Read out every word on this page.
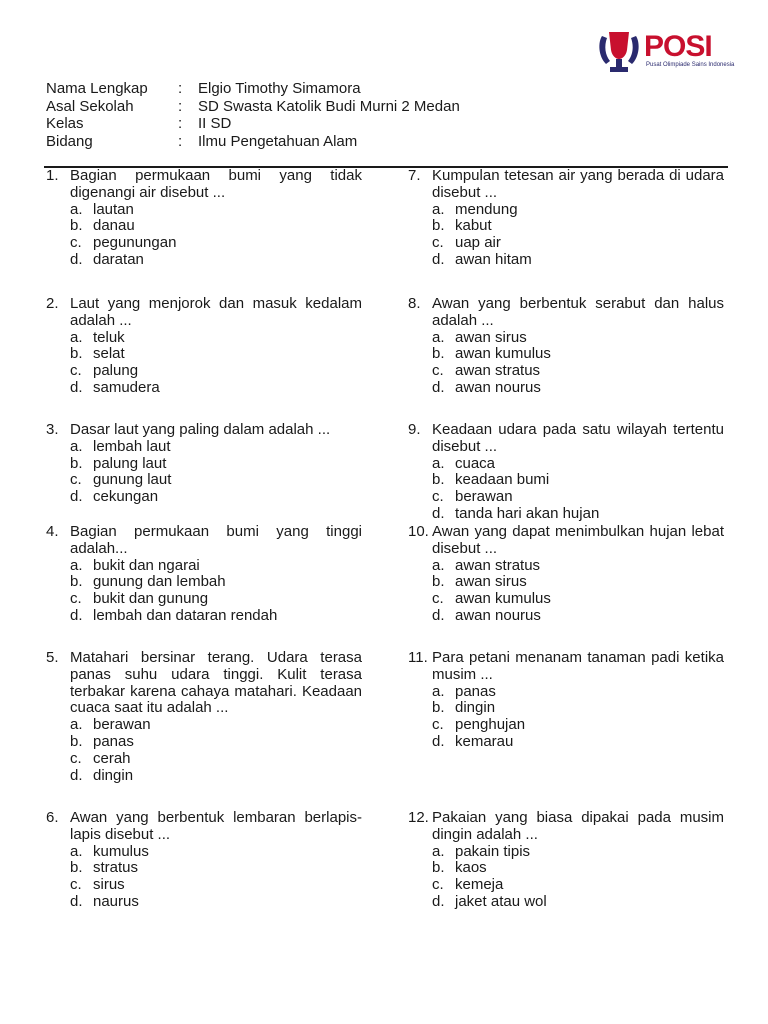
POSI
Pusat Olimpiade Sains Indonesia
Nama Lengkap	:	Elgio Timothy Simamora
Asal Sekolah	:	SD Swasta Katolik Budi Murni 2 Medan
Kelas	:	II SD
Bidang	:	Ilmu Pengetahuan Alam
1. Bagian permukaan bumi yang tidak digenangi air disebut ...
a. lautan
b. danau
c. pegunungan
d. daratan
2. Laut yang menjorok dan masuk kedalam adalah ...
a. teluk
b. selat
c. palung
d. samudera
3. Dasar laut yang paling dalam adalah ...
a. lembah laut
b. palung laut
c. gunung laut
d. cekungan
4. Bagian permukaan bumi yang tinggi adalah...
a. bukit dan ngarai
b. gunung dan lembah
c. bukit dan gunung
d. lembah dan dataran rendah
5. Matahari bersinar terang. Udara terasa panas suhu udara tinggi. Kulit terasa terbakar karena cahaya matahari. Keadaan cuaca saat itu adalah ...
a. berawan
b. panas
c. cerah
d. dingin
6. Awan yang berbentuk lembaran berlapis-lapis disebut ...
a. kumulus
b. stratus
c. sirus
d. naurus
7. Kumpulan tetesan air yang berada di udara disebut ...
a. mendung
b. kabut
c. uap air
d. awan hitam
8. Awan yang berbentuk serabut dan halus adalah ...
a. awan sirus
b. awan kumulus
c. awan stratus
d. awan nourus
9. Keadaan udara pada satu wilayah tertentu disebut ...
a. cuaca
b. keadaan bumi
c. berawan
d. tanda hari akan hujan
10. Awan yang dapat menimbulkan hujan lebat disebut ...
a. awan stratus
b. awan sirus
c. awan kumulus
d. awan nourus
11. Para petani menanam tanaman padi ketika musim ...
a. panas
b. dingin
c. penghujan
d. kemarau
12. Pakaian yang biasa dipakai pada musim dingin adalah ...
a. pakain tipis
b. kaos
c. kemeja
d. jaket atau wol
